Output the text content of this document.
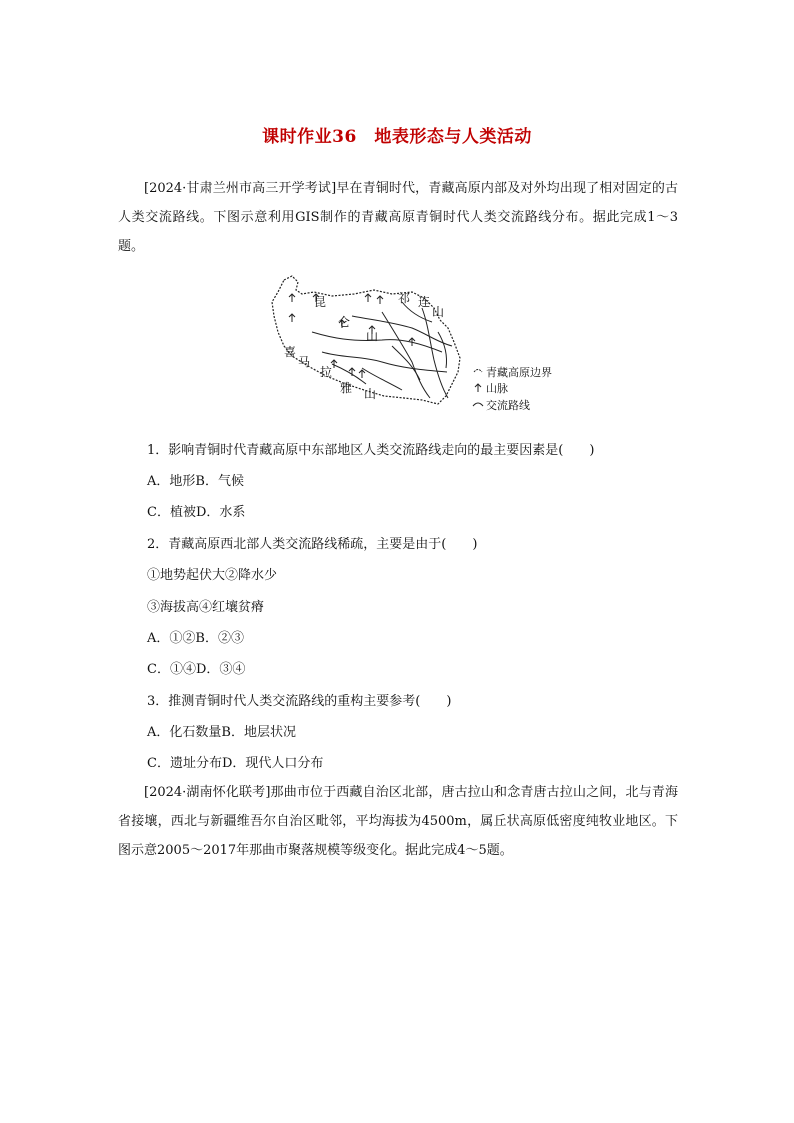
课时作业36　地表形态与人类活动

[2024·甘肃兰州市高三开学考试]早在青铜时代，青藏高原内部及对外均出现了相对固定的古人类交流路线。下图示意利用GIS制作的青藏高原青铜时代人类交流路线分布。据此完成1～3题。

昆
仑
山
祁 连
山
喜
马
拉
雅 山
青藏高原边界
山脉
交流路线
1．影响青铜时代青藏高原中东部地区人类交流路线走向的最主要因素是(　　)
A．地形B．气候
C．植被D．水系
2．青藏高原西北部人类交流路线稀疏，主要是由于(　　)
①地势起伏大②降水少
③海拔高④红壤贫瘠
A．①②B．②③
C．①④D．③④
3．推测青铜时代人类交流路线的重构主要参考(　　)
A．化石数量B．地层状况
C．遗址分布D．现代人口分布

[2024·湖南怀化联考]那曲市位于西藏自治区北部，唐古拉山和念青唐古拉山之间，北与青海省接壤，西北与新疆维吾尔自治区毗邻，平均海拔为4500m，属丘状高原低密度纯牧业地区。下图示意2005～2017年那曲市聚落规模等级变化。据此完成4～5题。
